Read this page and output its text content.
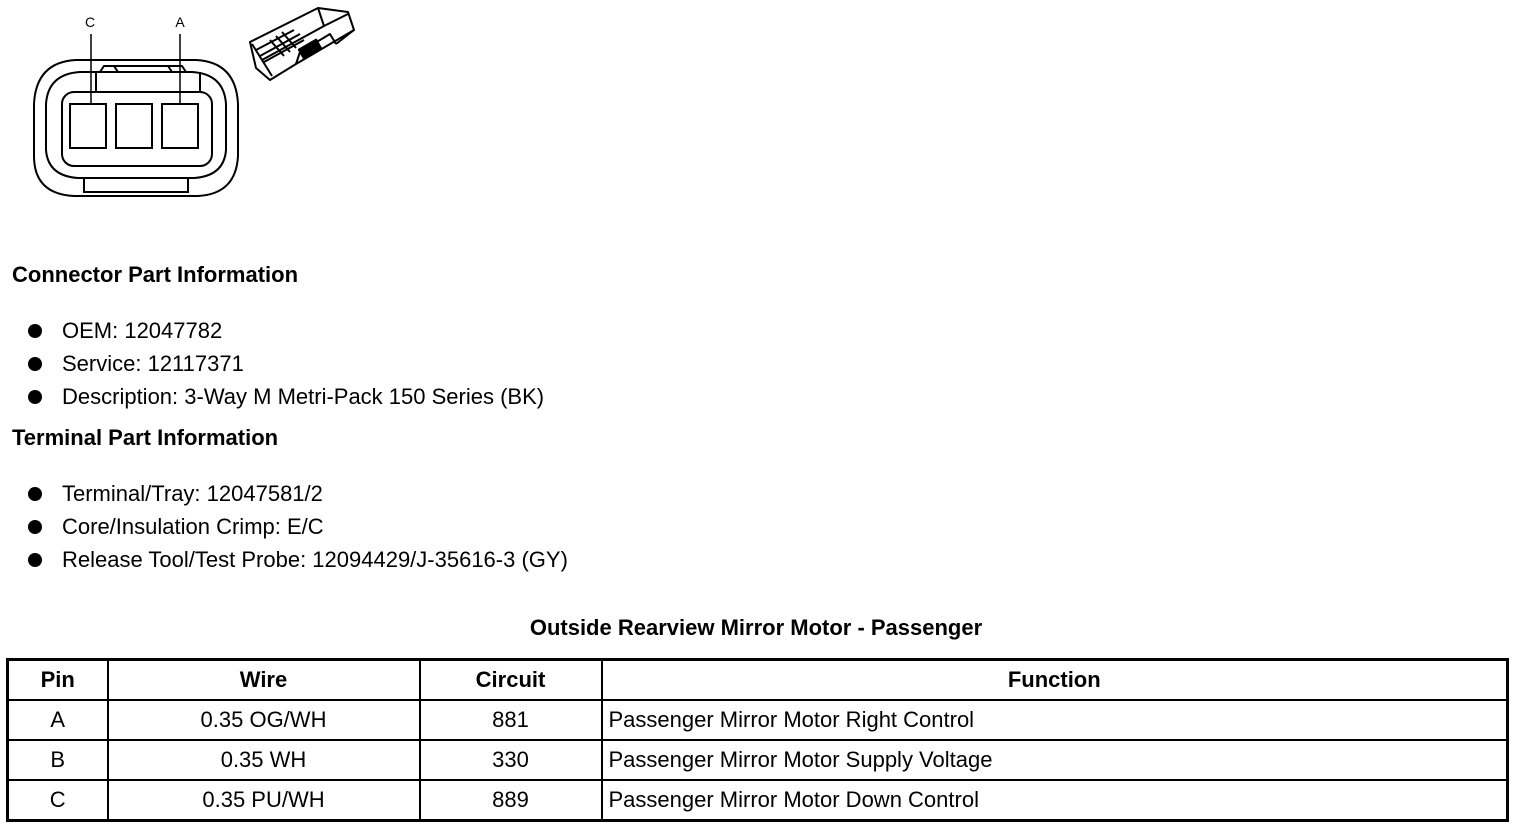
C	A
Connector Part Information
OEM: 12047782
Service: 12117371
Description: 3-Way M Metri-Pack 150 Series (BK)
Terminal Part Information
Terminal/Tray: 12047581/2
Core/Insulation Crimp: E/C
Release Tool/Test Probe: 12094429/J-35616-3 (GY)
Outside Rearview Mirror Motor - Passenger
Pin	Wire	Circuit	Function
A	0.35 OG/WH	881	Passenger Mirror Motor Right Control
B	0.35 WH	330	Passenger Mirror Motor Supply Voltage
C	0.35 PU/WH	889	Passenger Mirror Motor Down Control
